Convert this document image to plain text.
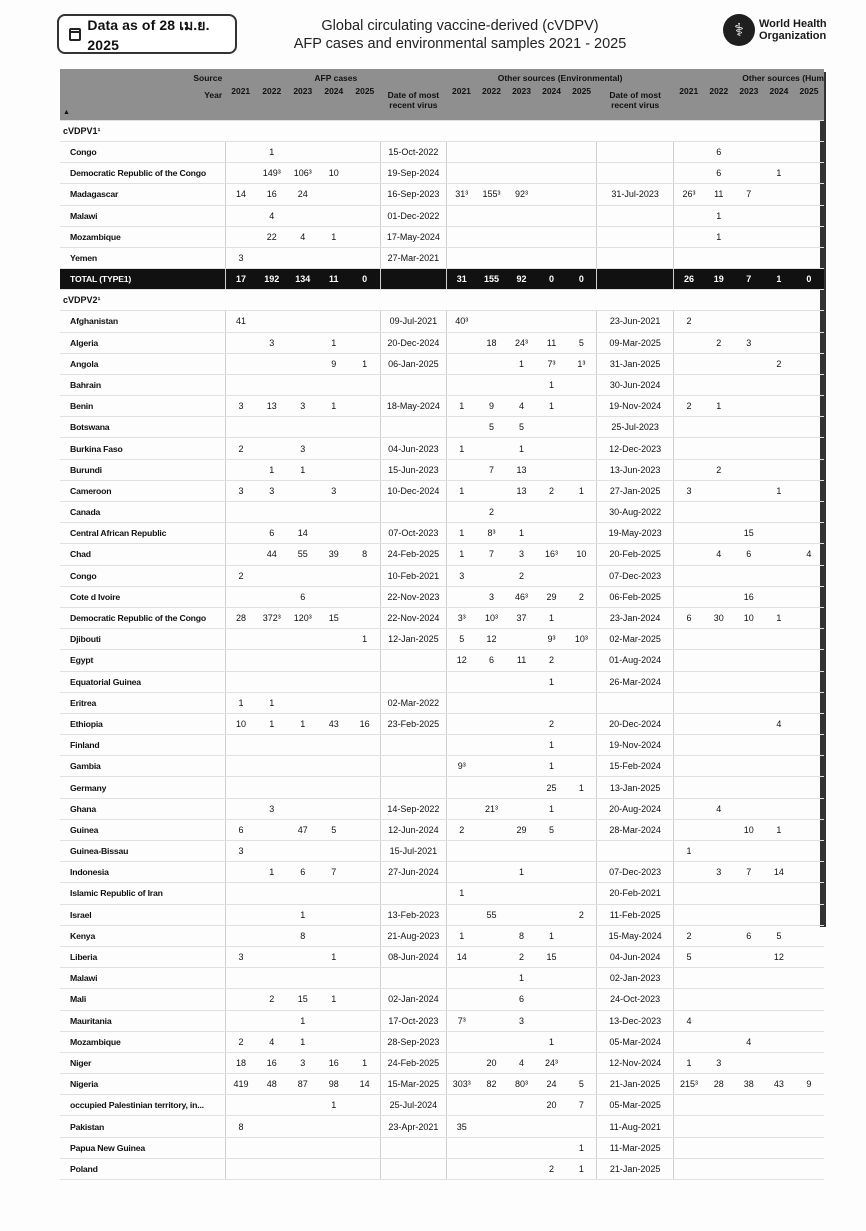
Data as of 28 เม.ย. 2025
Global circulating vaccine-derived (cVDPV)
AFP cases and environmental samples 2021 - 2025
⚕	World Health
Organization
Source	AFP cases						Other sources (Environmental)						Other sources (Hum				
Year
▲	2021 2022 2023 2024 2025					Date of most recent virus	2021 2022 2023 2024 2025					Date of most recent virus	2021 2022 2023 2024 2025				

cVDPV1¹																	
Congo		1				15-Oct-2022								6			
Democratic Republic of the Congo		149³	106³	10		19-Sep-2024								6		1	
Madagascar	14	16	24			16-Sep-2023	31³	155³	92³			31-Jul-2023	26³	11	7		
Malawi		4				01-Dec-2022								1			
Mozambique		22	4	1		17-May-2024								1			
Yemen	3					27-Mar-2021											
TOTAL (TYPE1)	17	192	134	11	0		31	155	92	0	0		26	19	7	1	0
cVDPV2¹																	
Afghanistan	41					09-Jul-2021	40³					23-Jun-2021	2				
Algeria		3		1		20-Dec-2024		18	24³	11	5	09-Mar-2025		2	3		
Angola				9	1	06-Jan-2025			1	7³	1³	31-Jan-2025				2	
Bahrain										1		30-Jun-2024					
Benin	3	13	3	1		18-May-2024	1	9	4	1		19-Nov-2024	2	1			
Botswana								5	5			25-Jul-2023					
Burkina Faso	2		3			04-Jun-2023	1		1			12-Dec-2023					
Burundi		1	1			15-Jun-2023		7	13			13-Jun-2023		2			
Cameroon	3	3		3		10-Dec-2024	1		13	2	1	27-Jan-2025	3			1	
Canada								2				30-Aug-2022					
Central African Republic		6	14			07-Oct-2023	1	8³	1			19-May-2023			15		
Chad		44	55	39	8	24-Feb-2025	1	7	3	16³	10	20-Feb-2025		4	6		4
Congo	2					10-Feb-2021	3		2			07-Dec-2023					
Cote d Ivoire			6			22-Nov-2023		3	46³	29	2	06-Feb-2025			16		
Democratic Republic of the Congo	28	372³	120³	15		22-Nov-2024	3³	10³	37	1		23-Jan-2024	6	30	10	1	
Djibouti					1	12-Jan-2025	5	12		9³	10³	02-Mar-2025					
Egypt							12	6	11	2		01-Aug-2024					
Equatorial Guinea										1		26-Mar-2024					
Eritrea	1	1				02-Mar-2022											
Ethiopia	10	1	1	43	16	23-Feb-2025				2		20-Dec-2024				4	
Finland										1		19-Nov-2024					
Gambia							9³			1		15-Feb-2024					
Germany										25	1	13-Jan-2025					
Ghana		3				14-Sep-2022		21³		1		20-Aug-2024		4			
Guinea	6		47	5		12-Jun-2024	2		29	5		28-Mar-2024			10	1	
Guinea-Bissau	3					15-Jul-2021							1				
Indonesia		1	6	7		27-Jun-2024			1			07-Dec-2023		3	7	14	
Islamic Republic of Iran							1					20-Feb-2021					
Israel			1			13-Feb-2023		55			2	11-Feb-2025					
Kenya			8			21-Aug-2023	1		8	1		15-May-2024	2		6	5	
Liberia	3			1		08-Jun-2024	14		2	15		04-Jun-2024	5			12	
Malawi									1			02-Jan-2023					
Mali		2	15	1		02-Jan-2024			6			24-Oct-2023					
Mauritania			1			17-Oct-2023	7³		3			13-Dec-2023	4				
Mozambique	2	4	1			28-Sep-2023				1		05-Mar-2024			4		
Niger	18	16	3	16	1	24-Feb-2025		20	4	24³		12-Nov-2024	1	3			
Nigeria	419	48	87	98	14	15-Mar-2025	303³	82	80³	24	5	21-Jan-2025	215³	28	38	43	9
occupied Palestinian territory, in...				1		25-Jul-2024				20	7	05-Mar-2025					
Pakistan	8					23-Apr-2021	35					11-Aug-2021					
Papua New Guinea											1	11-Mar-2025					
Poland										2	1	21-Jan-2025					
